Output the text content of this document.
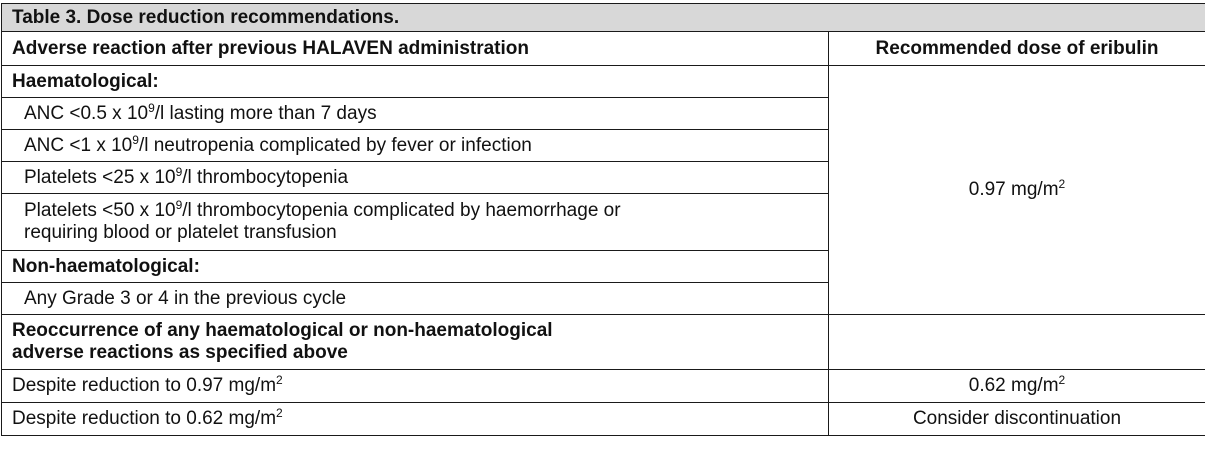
Table 3. Dose reduction recommendations.	
Adverse reaction after previous HALAVEN administration	Recommended dose of eribulin
Haematological:	0.97 $mg/m^2$
ANC <0.5 x $10^9/l$ lasting more than 7 days	
ANC <1 x $10^9/l$ neutropenia complicated by fever or infection	
Platelets <25 x $10^9/l$ thrombocytopenia	
Platelets <50 x $10^9/l$ thrombocytopenia complicated by haemorrhage or
requiring blood or platelet transfusion	
Non-haematological:	
Any Grade 3 or 4 in the previous cycle	
Reoccurrence of any haematological or non-haematological
adverse reactions as specified above	
Despite reduction to 0.97 $mg/m^2$	0.62 $mg/m^2$
Despite reduction to 0.62 $mg/m^2$	Consider discontinuation
